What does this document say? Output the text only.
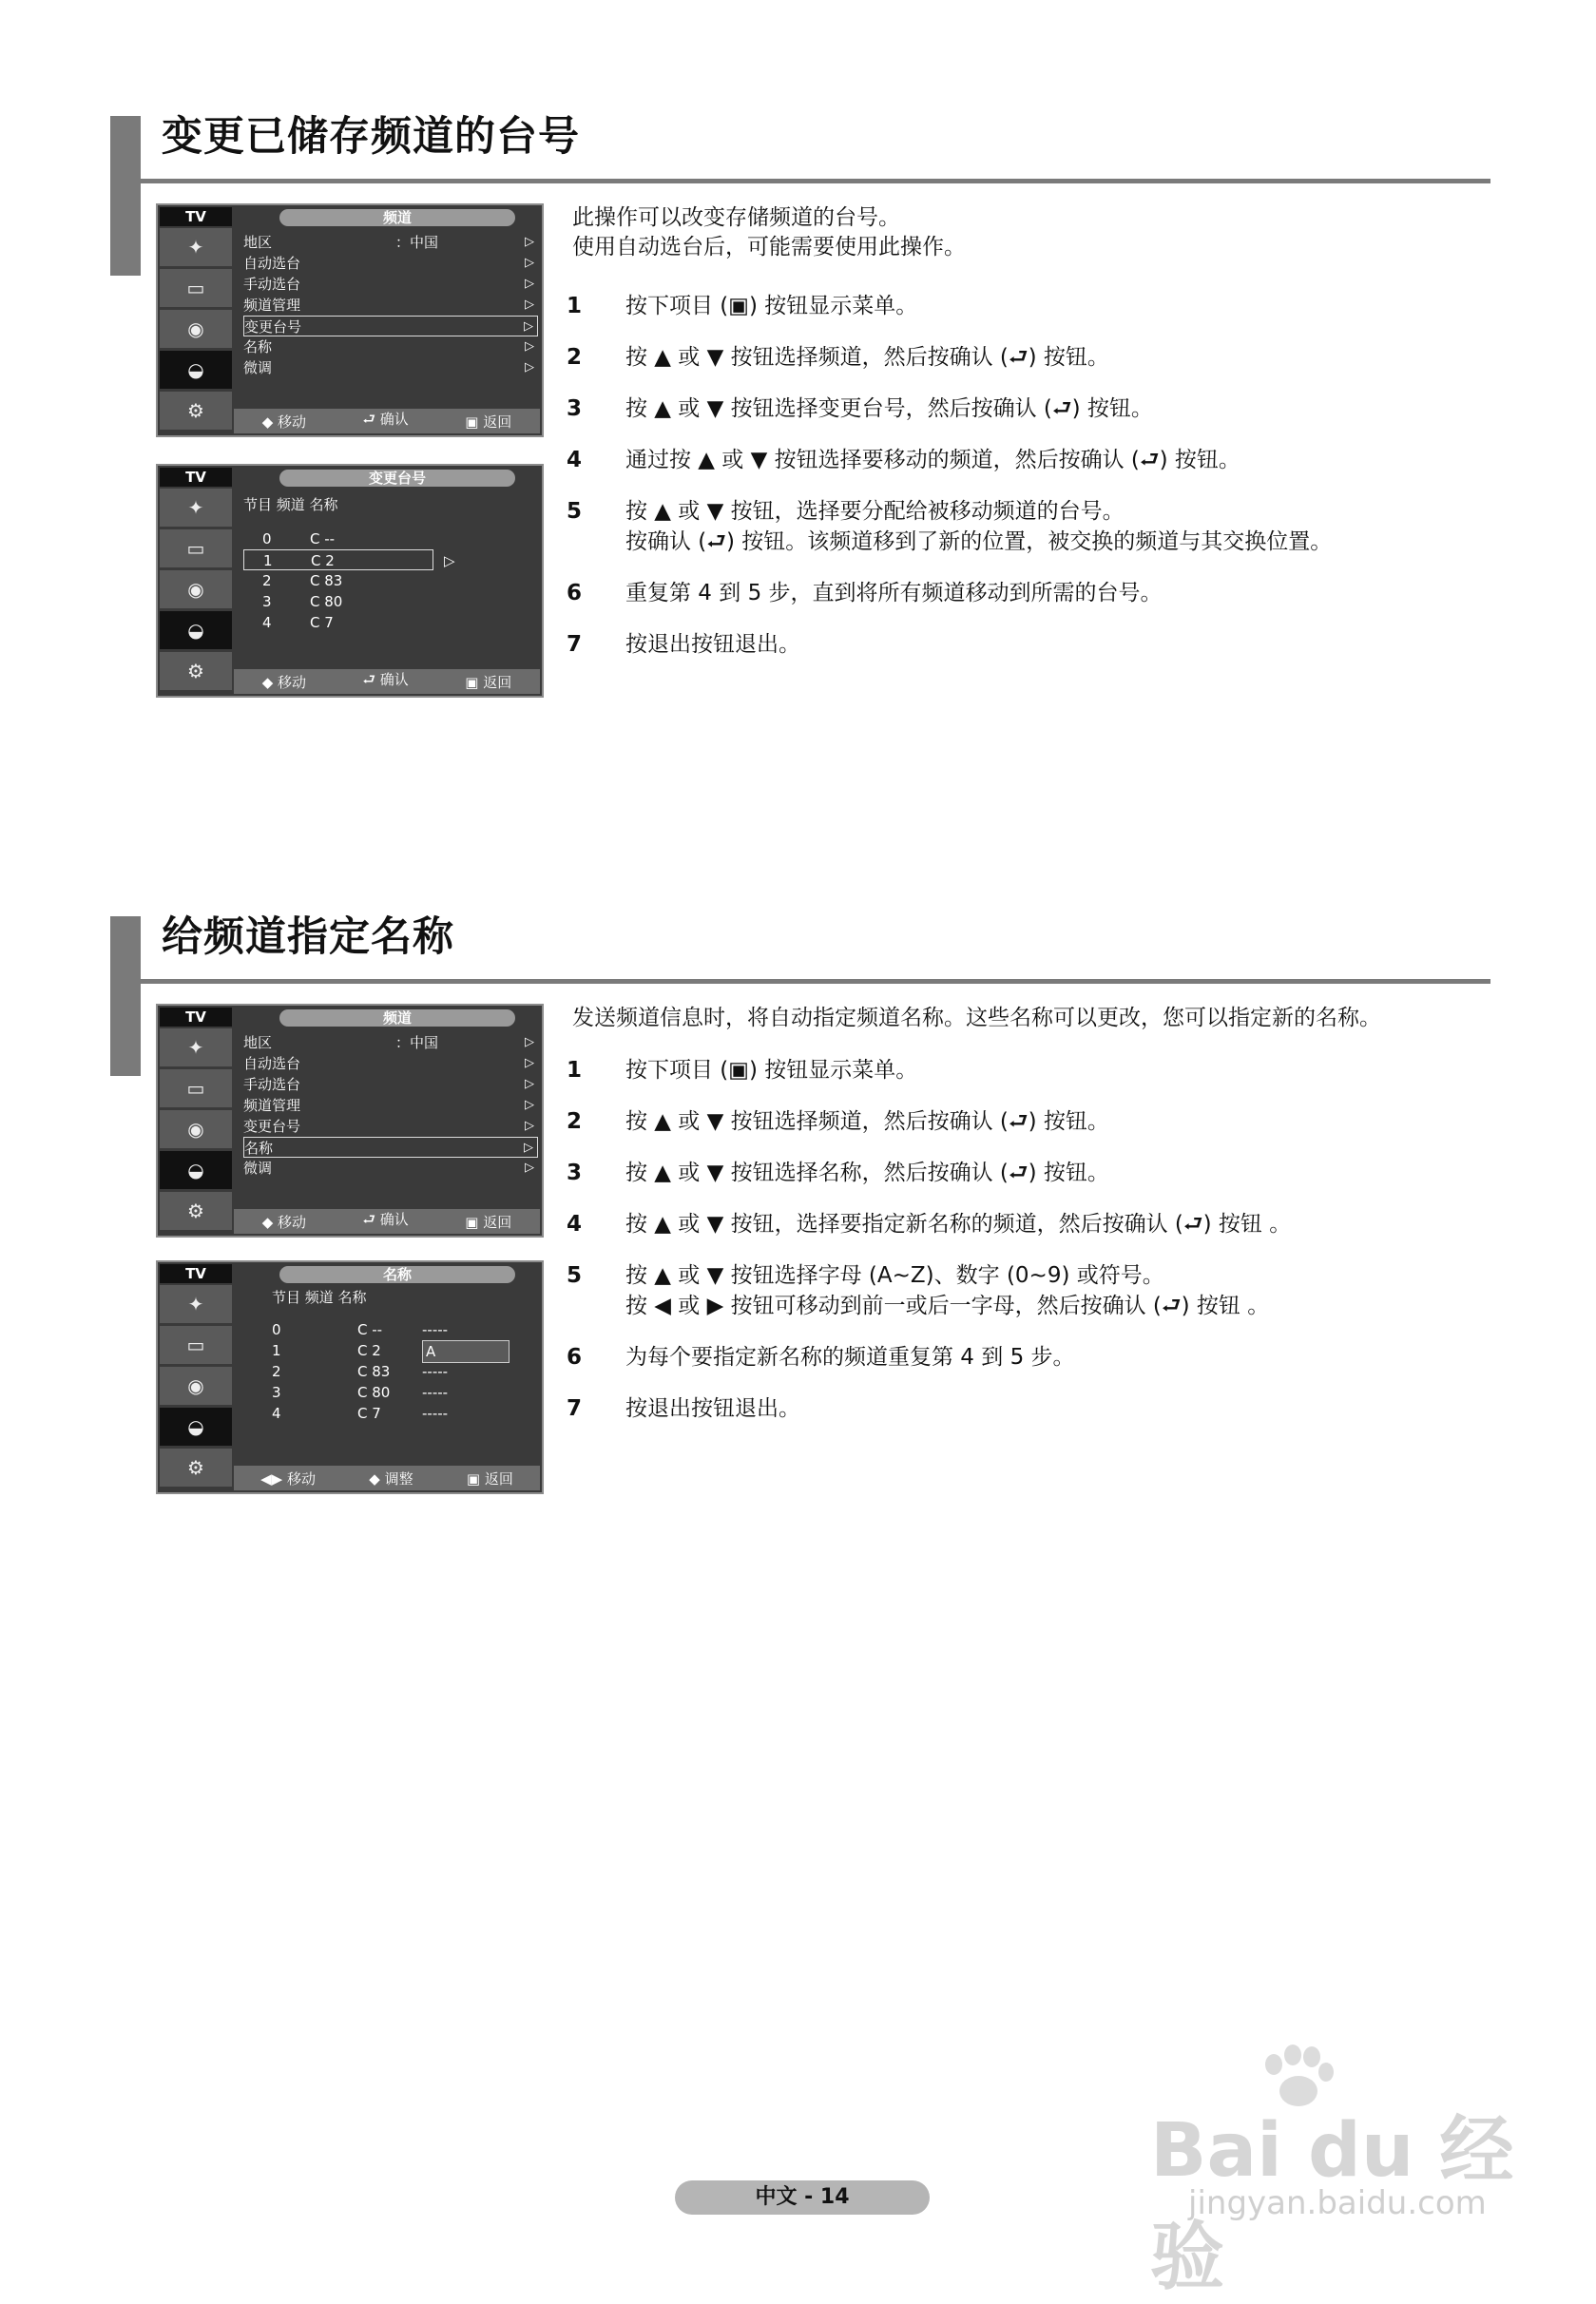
变更已储存频道的台号
TV	频道
✦
▭
◉
◒
⚙
地区	：中国	▷
自动选台	▷
手动选台	▷
频道管理	▷
变更台号	▷
名称	▷
微调	▷
◆ 移动	⮐ 确认	▣ 返回
TV	变更台号
✦
▭
◉
◒
⚙
节目 频道 名称
0	C --
1	C 2	▷
2	C 83
3	C 80
4	C 7
◆ 移动	⮐ 确认	▣ 返回
此操作可以改变存储频道的台号。
使用自动选台后，可能需要使用此操作。
1 按下项目 (▣) 按钮显示菜单。
2 按 ▲ 或 ▼ 按钮选择频道，然后按确认 (⮐) 按钮。
3 按 ▲ 或 ▼ 按钮选择变更台号，然后按确认 (⮐) 按钮。
4 通过按 ▲ 或 ▼ 按钮选择要移动的频道，然后按确认 (⮐) 按钮。
5 按 ▲ 或 ▼ 按钮，选择要分配给被移动频道的台号。
按确认 (⮐) 按钮。该频道移到了新的位置，被交换的频道与其交换位置。
6 重复第 4 到 5 步，直到将所有频道移动到所需的台号。
7 按退出按钮退出。
给频道指定名称
TV	频道
✦
▭
◉
◒
⚙
地区	：中国	▷
自动选台	▷
手动选台	▷
频道管理	▷
变更台号	▷
名称	▷
微调	▷
◆ 移动	⮐ 确认	▣ 返回
TV	名称
✦
▭
◉
◒
⚙
节目 频道 名称
0	C --	-----
1	C 2	A
2	C 83 -----
3	C 80 -----
4	C 7	-----
◀▶ 移动	◆ 调整	▣ 返回
发送频道信息时，将自动指定频道名称。这些名称可以更改，您可以指定新的名称。
1 按下项目 (▣) 按钮显示菜单。
2 按 ▲ 或 ▼ 按钮选择频道，然后按确认 (⮐) 按钮。
3 按 ▲ 或 ▼ 按钮选择名称，然后按确认 (⮐) 按钮。
4 按 ▲ 或 ▼ 按钮，选择要指定新名称的频道，然后按确认 (⮐) 按钮 。
5 按 ▲ 或 ▼ 按钮选择字母 (A~Z)、数字 (0~9) 或符号。
按 ◀ 或 ▶ 按钮可移动到前一或后一字母，然后按确认 (⮐) 按钮 。
6 为每个要指定新名称的频道重复第 4 到 5 步。
7 按退出按钮退出。
Bai du 经验
jingyan.baidu.com
中文 - 14
